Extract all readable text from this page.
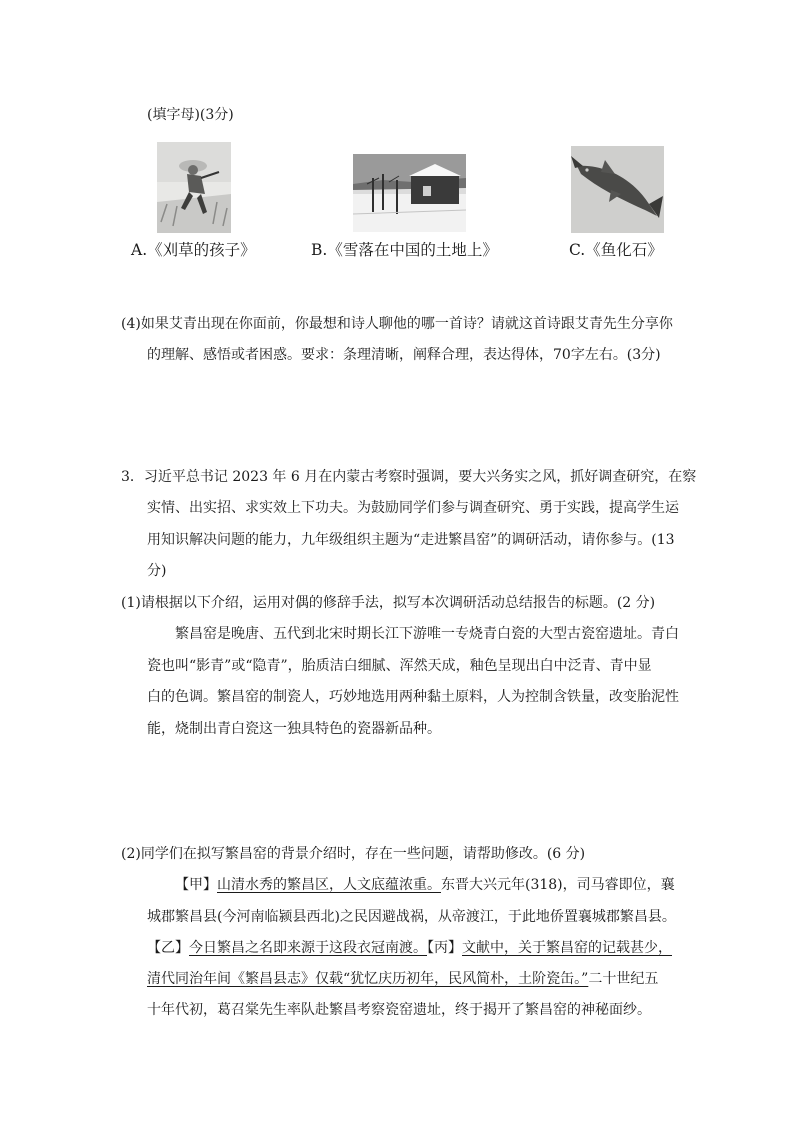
(填字母)(3分)
A.《刈草的孩子》	B.《雪落在中国的土地上》	C.《鱼化石》
(4)如果艾青出现在你面前，你最想和诗人聊他的哪一首诗？请就这首诗跟艾青先生分享你
的理解、感悟或者困惑。要求：条理清晰，阐释合理，表达得体，70字左右。(3分)
3．习近平总书记 2023 年 6 月在内蒙古考察时强调，要大兴务实之风，抓好调查研究，在察
实情、出实招、求实效上下功夫。为鼓励同学们参与调查研究、勇于实践，提高学生运
用知识解决问题的能力，九年级组织主题为“走进繁昌窑”的调研活动，请你参与。(13
分)
(1)请根据以下介绍，运用对偶的修辞手法，拟写本次调研活动总结报告的标题。(2 分)
繁昌窑是晚唐、五代到北宋时期长江下游唯一专烧青白瓷的大型古瓷窑遗址。青白
瓷也叫“影青”或“隐青”，胎质洁白细腻、浑然天成，釉色呈现出白中泛青、青中显
白的色调。繁昌窑的制瓷人，巧妙地选用两种黏土原料，人为控制含铁量，改变胎泥性
能，烧制出青白瓷这一独具特色的瓷器新品种。
(2)同学们在拟写繁昌窑的背景介绍时，存在一些问题，请帮助修改。(6 分)
【甲】山清水秀的繁昌区，人文底蕴浓重。东晋大兴元年(318)，司马睿即位，襄
城郡繁昌县(今河南临颍县西北)之民因避战祸，从帝渡江，于此地侨置襄城郡繁昌县。
【乙】今日繁昌之名即来源于这段衣冠南渡。【丙】文献中，关于繁昌窑的记载甚少，
清代同治年间《繁昌县志》仅载“犹忆庆历初年，民风简朴，土阶瓷缶。”二十世纪五
十年代初，葛召棠先生率队赴繁昌考察瓷窑遗址，终于揭开了繁昌窑的神秘面纱。
